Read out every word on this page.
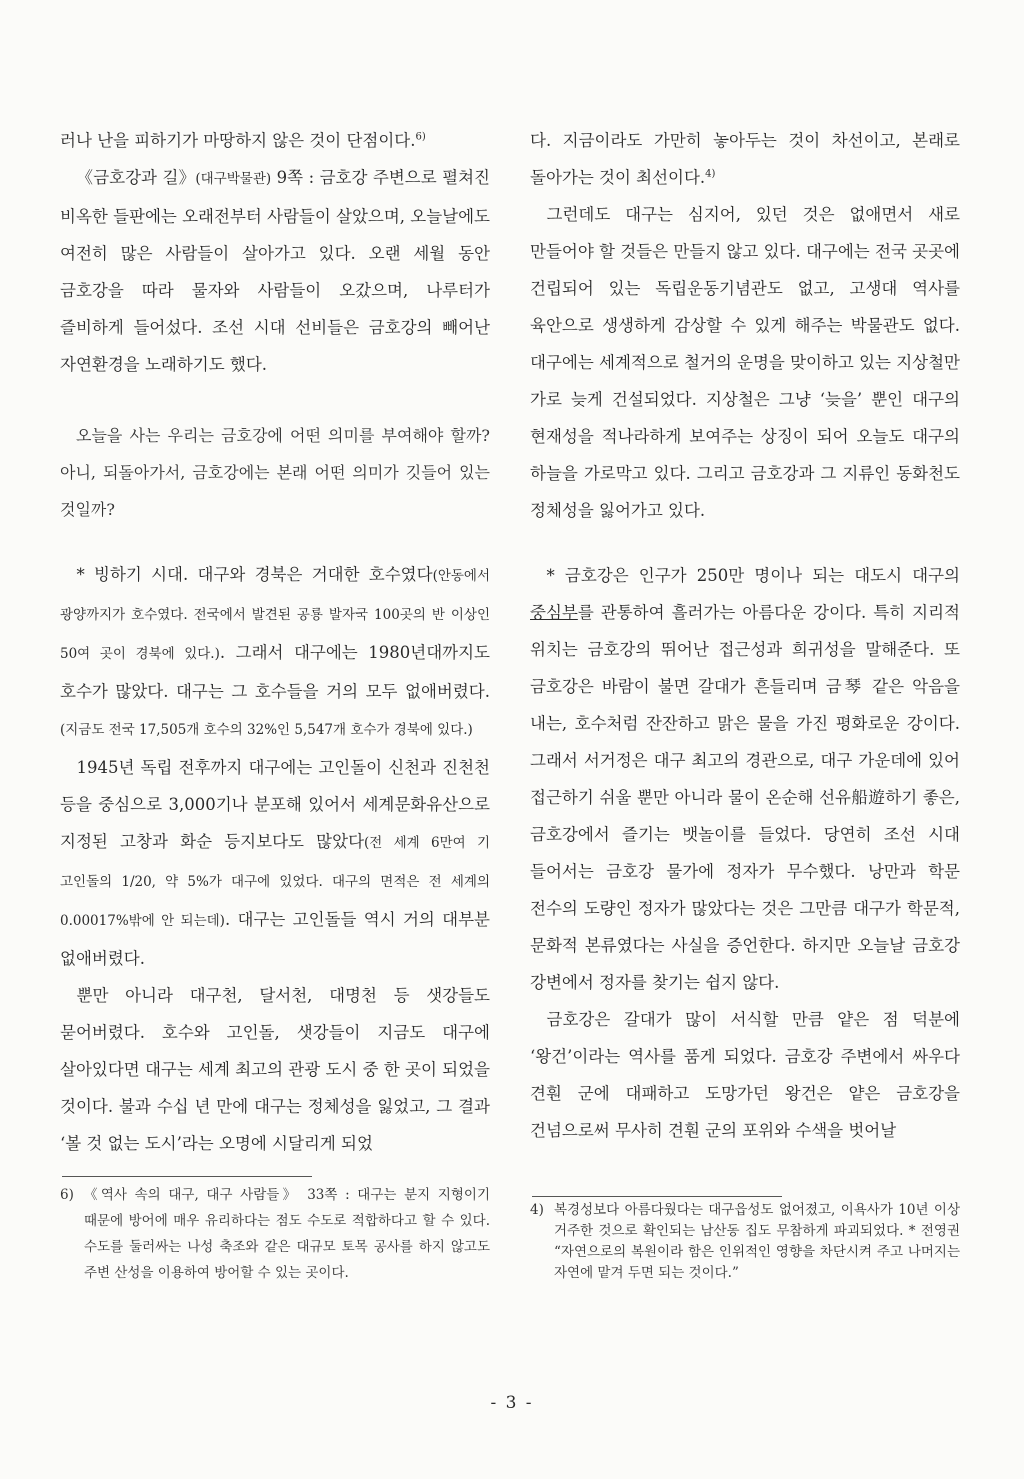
러나 난을 피하기가 마땅하지 않은 것이 단점이다.$^{6)}$

《금호강과 길》(대구박물관) 9쪽 : 금호강 주변으로 펼쳐진 비옥한 들판에는 오래전부터 사람들이 살았으며, 오늘날에도 여전히 많은 사람들이 살아가고 있다. 오랜 세월 동안 금호강을 따라 물자와 사람들이 오갔으며, 나루터가 즐비하게 들어섰다. 조선 시대 선비들은 금호강의 빼어난 자연환경을 노래하기도 했다.

오늘을 사는 우리는 금호강에 어떤 의미를 부여해야 할까? 아니, 되돌아가서, 금호강에는 본래 어떤 의미가 깃들어 있는 것일까?

* 빙하기 시대. 대구와 경북은 거대한 호수였다(안동에서 광양까지가 호수였다. 전국에서 발견된 공룡 발자국 100곳의 반 이상인 50여 곳이 경북에 있다.). 그래서 대구에는 1980년대까지도 호수가 많았다. 대구는 그 호수들을 거의 모두 없애버렸다. (지금도 전국 17,505개 호수의 32%인 5,547개 호수가 경북에 있다.)

1945년 독립 전후까지 대구에는 고인돌이 신천과 진천천 등을 중심으로 3,000기나 분포해 있어서 세계문화유산으로 지정된 고창과 화순 등지보다도 많았다(전 세계 6만여 기 고인돌의 1/20, 약 5%가 대구에 있었다. 대구의 면적은 전 세계의 0.00017%밖에 안 되는데). 대구는 고인돌들 역시 거의 대부분 없애버렸다.

뿐만 아니라 대구천, 달서천, 대명천 등 샛강들도 묻어버렸다. 호수와 고인돌, 샛강들이 지금도 대구에 살아있다면 대구는 세계 최고의 관광 도시 중 한 곳이 되었을 것이다. 불과 수십 년 만에 대구는 정체성을 잃었고, 그 결과 ‘볼 것 없는 도시’라는 오명에 시달리게 되었

다. 지금이라도 가만히 놓아두는 것이 차선이고, 본래로 돌아가는 것이 최선이다.$^{4)}$

그런데도 대구는 심지어, 있던 것은 없애면서 새로 만들어야 할 것들은 만들지 않고 있다. 대구에는 전국 곳곳에 건립되어 있는 독립운동기념관도 없고, 고생대 역사를 육안으로 생생하게 감상할 수 있게 해주는 박물관도 없다. 대구에는 세계적으로 철거의 운명을 맞이하고 있는 지상철만 가로 늦게 건설되었다. 지상철은 그냥 ‘늦을’ 뿐인 대구의 현재성을 적나라하게 보여주는 상징이 되어 오늘도 대구의 하늘을 가로막고 있다. 그리고 금호강과 그 지류인 동화천도 정체성을 잃어가고 있다.

* 금호강은 인구가 250만 명이나 되는 대도시 대구의 중심부를 관통하여 흘러가는 아름다운 강이다. 특히 지리적 위치는 금호강의 뛰어난 접근성과 희귀성을 말해준다. 또 금호강은 바람이 불면 갈대가 흔들리며 금琴 같은 악음을 내는, 호수처럼 잔잔하고 맑은 물을 가진 평화로운 강이다. 그래서 서거정은 대구 최고의 경관으로, 대구 가운데에 있어 접근하기 쉬울 뿐만 아니라 물이 온순해 선유船遊하기 좋은, 금호강에서 즐기는 뱃놀이를 들었다. 당연히 조선 시대 들어서는 금호강 물가에 정자가 무수했다. 낭만과 학문 전수의 도량인 정자가 많았다는 것은 그만큼 대구가 학문적, 문화적 본류였다는 사실을 증언한다. 하지만 오늘날 금호강 강변에서 정자를 찾기는 쉽지 않다.

금호강은 갈대가 많이 서식할 만큼 얕은 점 덕분에 ‘왕건’이라는 역사를 품게 되었다. 금호강 주변에서 싸우다 견훤 군에 대패하고 도망가던 왕건은 얕은 금호강을 건넘으로써 무사히 견훤 군의 포위와 수색을 벗어날

6) 《역사 속의 대구, 대구 사람들》 33쪽 : 대구는 분지 지형이기 때문에 방어에 매우 유리하다는 점도 수도로 적합하다고 할 수 있다. 수도를 둘러싸는 나성 축조와 같은 대규모 토목 공사를 하지 않고도 주변 산성을 이용하여 방어할 수 있는 곳이다.
4) 복경성보다 아름다웠다는 대구읍성도 없어졌고, 이욕사가 10년 이상 거주한 것으로 확인되는 남산동 집도 무참하게 파괴되었다. * 전영권 “자연으로의 복원이라 함은 인위적인 영향을 차단시켜 주고 나머지는 자연에 맡겨 두면 되는 것이다.”
- 3 -
